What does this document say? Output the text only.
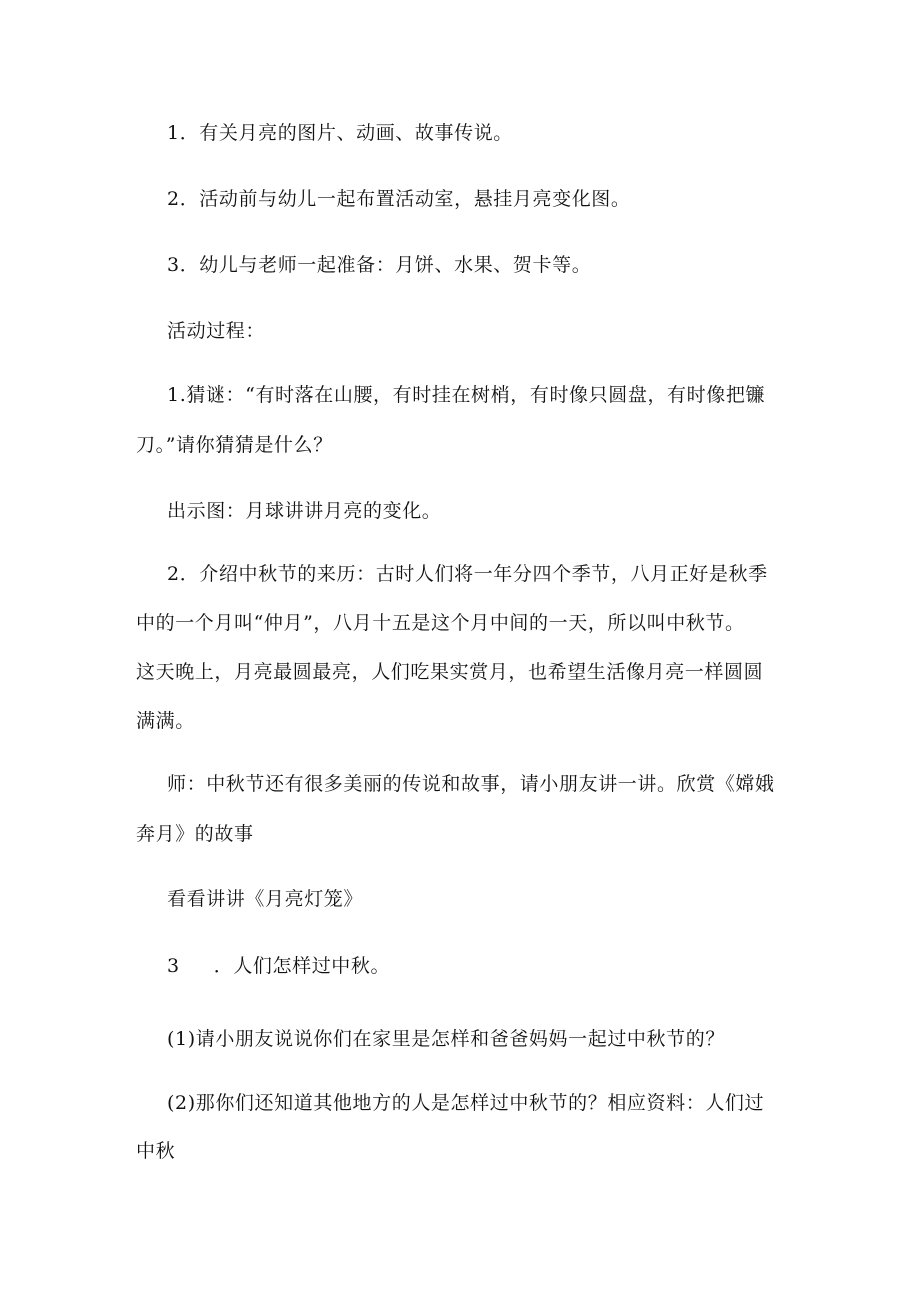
1．有关月亮的图片、动画、故事传说。
2．活动前与幼儿一起布置活动室，悬挂月亮变化图。
3．幼儿与老师一起准备：月饼、水果、贺卡等。
活动过程：
1.猜谜：“有时落在山腰，有时挂在树梢，有时像只圆盘，有时像把镰
刀。”请你猜猜是什么？
出示图：月球讲讲月亮的变化。
2．介绍中秋节的来历：古时人们将一年分四个季节，八月正好是秋季
中的一个月叫“仲月”，八月十五是这个月中间的一天，所以叫中秋节。
这天晚上，月亮最圆最亮，人们吃果实赏月，也希望生活像月亮一样圆圆
满满。
师：中秋节还有很多美丽的传说和故事，请小朋友讲一讲。欣赏《嫦娥
奔月》的故事
看看讲讲《月亮灯笼》
3 ．人们怎样过中秋。
(1)请小朋友说说你们在家里是怎样和爸爸妈妈一起过中秋节的？
(2)那你们还知道其他地方的人是怎样过中秋节的？相应资料：人们过
中秋
